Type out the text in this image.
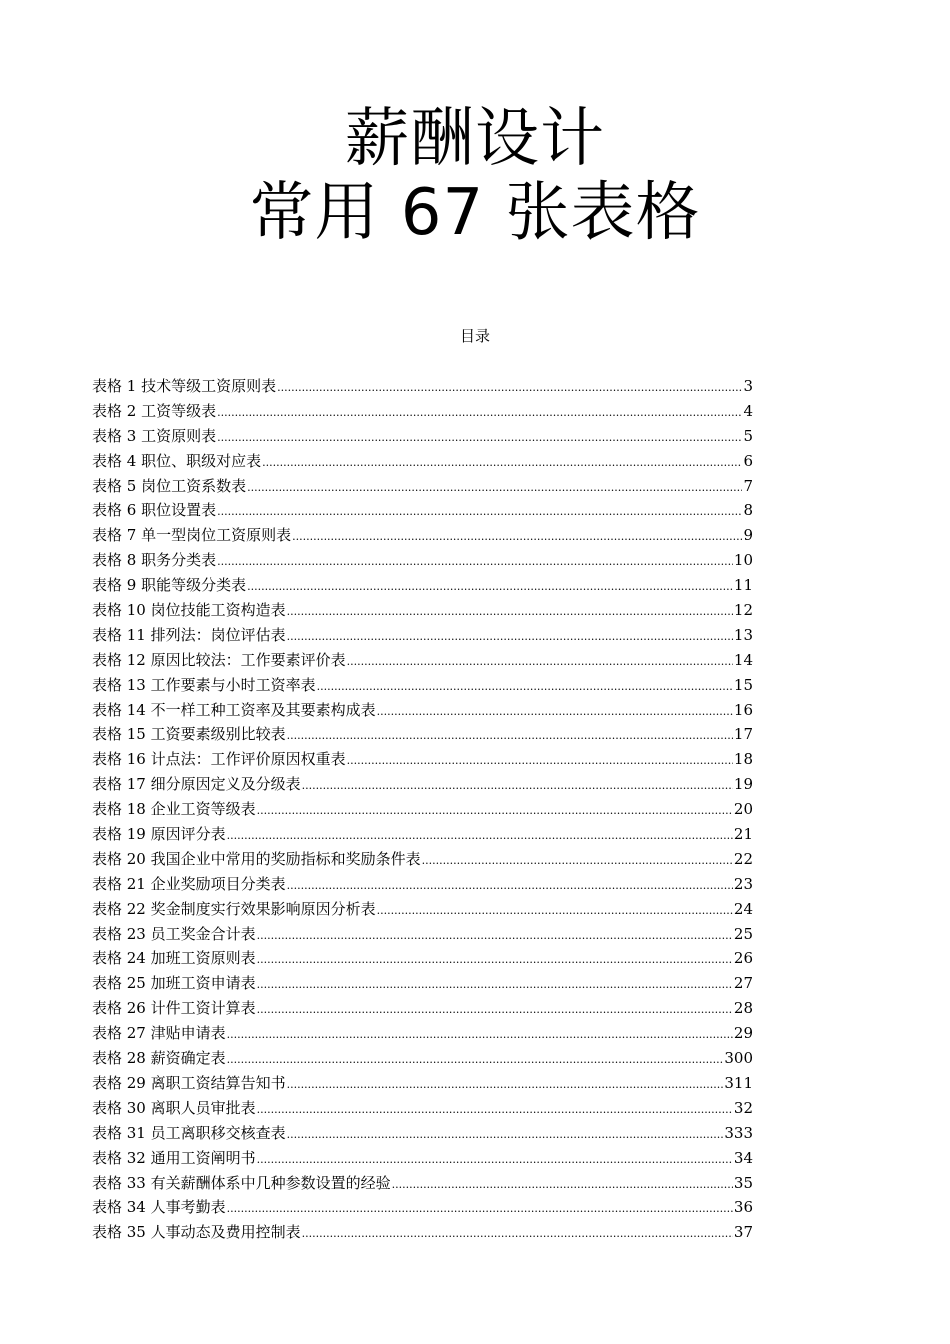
薪酬设计
常用 67 张表格
目录
表格 1 技术等级工资原则表 .....	3
表格 2 工资等级表 .....	4
表格 3 工资原则表 .....	5
表格 4 职位、职级对应表 .....	6
表格 5 岗位工资系数表 .....	7
表格 6 职位设置表 .....	8
表格 7 单一型岗位工资原则表 .....	9
表格 8 职务分类表 .....	10
表格 9 职能等级分类表 .....	11
表格 10 岗位技能工资构造表 .....	12
表格 11 排列法：岗位评估表 .....	13
表格 12 原因比较法：工作要素评价表 .....	14
表格 13 工作要素与小时工资率表 .....	15
表格 14 不一样工种工资率及其要素构成表 .....	16
表格 15 工资要素级别比较表 .....	17
表格 16 计点法：工作评价原因权重表 .....	18
表格 17 细分原因定义及分级表 .....	19
表格 18 企业工资等级表 .....	20
表格 19 原因评分表 .....	21
表格 20 我国企业中常用的奖励指标和奖励条件表 .....	22
表格 21 企业奖励项目分类表 .....	23
表格 22 奖金制度实行效果影响原因分析表 .....	24
表格 23 员工奖金合计表 .....	25
表格 24 加班工资原则表 .....	26
表格 25 加班工资申请表 .....	27
表格 26 计件工资计算表 .....	28
表格 27 津贴申请表 .....	29
表格 28 薪资确定表 .....	300
表格 29 离职工资结算告知书 .....	311
表格 30 离职人员审批表 .....	32
表格 31 员工离职移交核查表 .....	333
表格 32 通用工资阐明书 .....	34
表格 33 有关薪酬体系中几种参数设置的经验 .....	35
表格 34 人事考勤表 .....	36
表格 35 人事动态及费用控制表 .....	37
